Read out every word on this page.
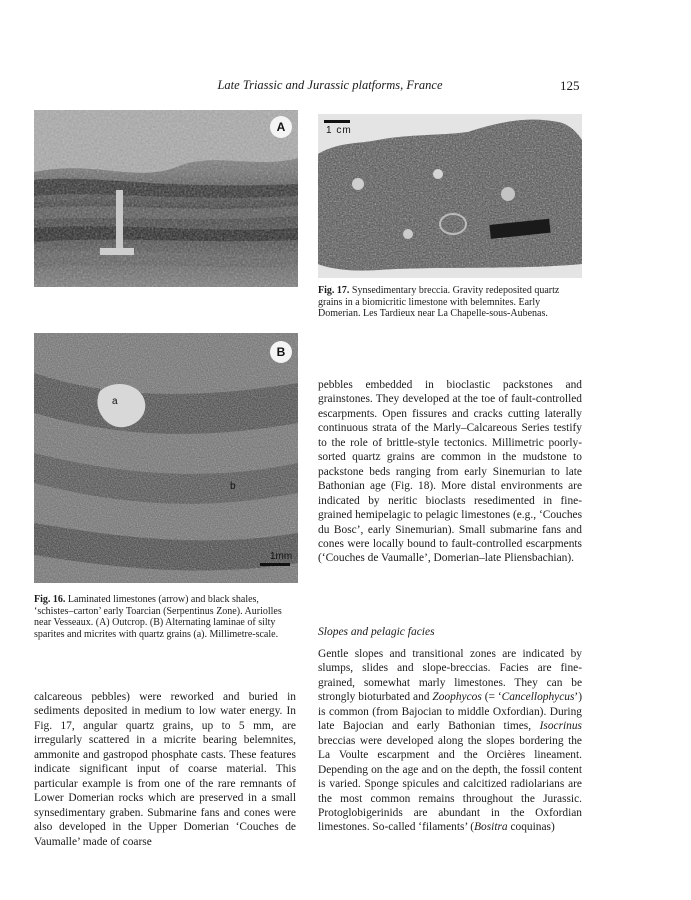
Late Triassic and Jurassic platforms, France	125
A
B
1mm
a
b
Fig. 16. Laminated limestones (arrow) and black shales, ‘schistes–carton’ early Toarcian (Serpentinus Zone). Auriolles near Vesseaux. (A) Outcrop. (B) Alternating laminae of silty sparites and micrites with quartz grains (a). Millimetre-scale.
1 cm
Fig. 17. Synsedimentary breccia. Gravity redeposited quartz grains in a biomicritic limestone with belemnites. Early Domerian. Les Tardieux near La Chapelle-sous-Aubenas.

calcareous pebbles) were reworked and buried in sediments deposited in medium to low water energy. In Fig. 17, angular quartz grains, up to 5 mm, are irregularly scattered in a micrite bearing belemnites, ammonite and gastropod phosphate casts. These features indicate significant input of coarse material. This particular example is from one of the rare remnants of Lower Domerian rocks which are preserved in a small synsedimentary graben. Submarine fans and cones were also developed in the Upper Domerian ‘Couches de Vaumalle’ made of coarse

pebbles embedded in bioclastic packstones and grainstones. They developed at the toe of fault-controlled escarpments. Open fissures and cracks cutting laterally continuous strata of the Marly–Calcareous Series testify to the role of brittle-style tectonics. Millimetric poorly-sorted quartz grains are common in the mudstone to packstone beds ranging from early Sinemurian to late Bathonian age (Fig. 18). More distal environments are indicated by neritic bioclasts resedimented in fine-grained hemipelagic to pelagic limestones (e.g., ‘Couches du Bosc’, early Sinemurian). Small submarine fans and cones were locally bound to fault-controlled escarpments (‘Couches de Vaumalle’, Domerian–late Pliensbachian).

Slopes and pelagic facies

Gentle slopes and transitional zones are indicated by slumps, slides and slope-breccias. Facies are fine-grained, somewhat marly limestones. They can be strongly bioturbated and Zoophycos (= ‘Cancellophycus’) is common (from Bajocian to middle Oxfordian). During late Bajocian and early Bathonian times, Isocrinus breccias were developed along the slopes bordering the La Voulte escarpment and the Orcières lineament. Depending on the age and on the depth, the fossil content is varied. Sponge spicules and calcitized radiolarians are the most common remains throughout the Jurassic. Protoglobigerinids are abundant in the Oxfordian limestones. So-called ‘filaments’ (Bositra coquinas)
